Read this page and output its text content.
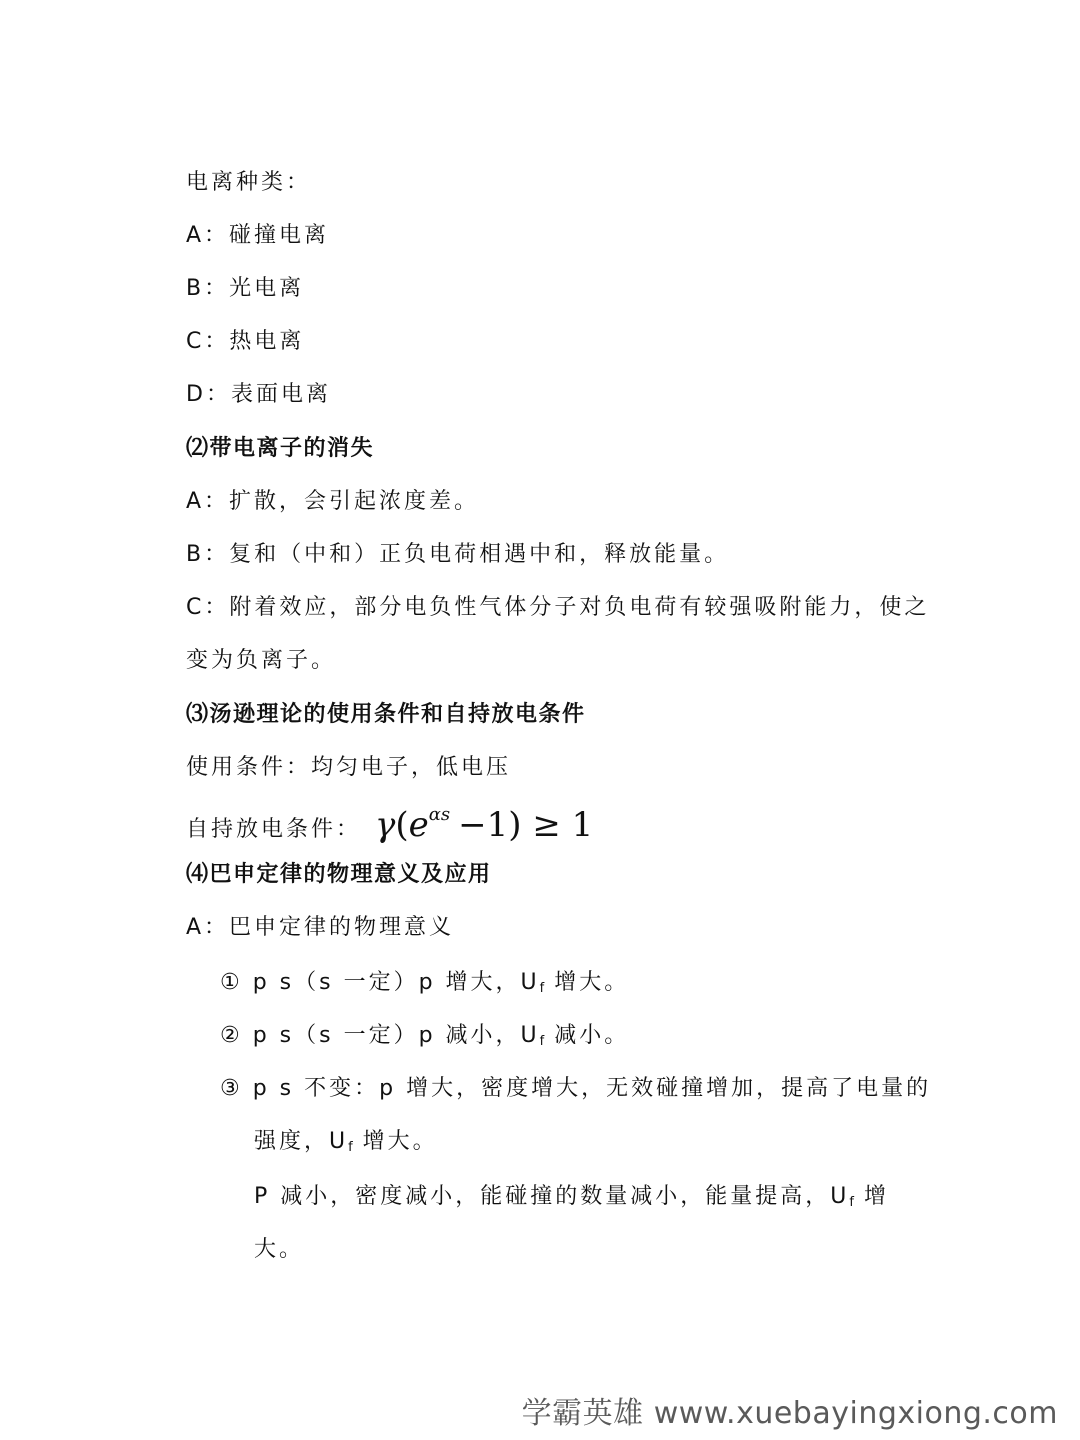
电离种类：
A：碰撞电离
B：光电离
C：热电离
D：表面电离
⑵带电离子的消失
A：扩散，会引起浓度差。
B：复和（中和）正负电荷相遇中和，释放能量。
C：附着效应，部分电负性气体分子对负电荷有较强吸附能力，使之
变为负离子。
⑶汤逊理论的使用条件和自持放电条件
使用条件：均匀电子，低电压
自持放电条件： $\gamma(e^{\alpha s} -1) \ge 1$
⑷巴申定律的物理意义及应用
A：巴申定律的物理意义
① p s（s 一定）p 增大，$U_f$ 增大。
② p s（s 一定）p 减小，$U_f$ 减小。
③ p s 不变：p 增大，密度增大，无效碰撞增加，提高了电量的
强度，$U_f$ 增大。
P 减小，密度减小，能碰撞的数量减小，能量提高，$U_f$ 增
大。
学霸英雄 www.xuebayingxiong.com
